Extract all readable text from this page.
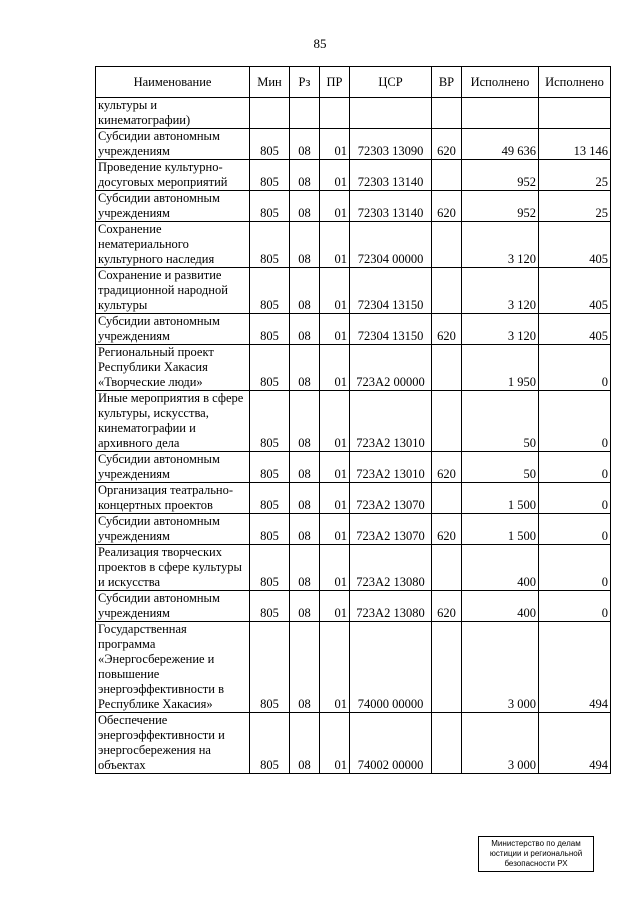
85
Наименование	Мин	Рз	ПР	ЦСР	ВР	Исполнено	Исполнено
культуры и кинематографии)							
Субсидии автономным учреждениям	805	08	01	72303 13090	620	49 636	13 146
Проведение культурно-досуговых мероприятий	805	08	01	72303 13140		952	25
Субсидии автономным учреждениям	805	08	01	72303 13140	620	952	25
Сохранение нематериального культурного наследия	805	08	01	72304 00000		3 120	405
Сохранение и развитие традиционной народной культуры	805	08	01	72304 13150		3 120	405
Субсидии автономным учреждениям	805	08	01	72304 13150	620	3 120	405
Региональный проект Республики Хакасия «Творческие люди»	805	08	01	723А2 00000		1 950	0
Иные мероприятия в сфере культуры, искусства, кинематографии и архивного дела	805	08	01	723А2 13010		50	0
Субсидии автономным учреждениям	805	08	01	723А2 13010	620	50	0
Организация театрально-концертных проектов	805	08	01	723А2 13070		1 500	0
Субсидии автономным учреждениям	805	08	01	723А2 13070	620	1 500	0
Реализация творческих проектов в сфере культуры и искусства	805	08	01	723А2 13080		400	0
Субсидии автономным учреждениям	805	08	01	723А2 13080	620	400	0
Государственная программа «Энергосбережение и повышение энергоэффективности в Республике Хакасия»	805	08	01	74000 00000		3 000	494
Обеспечение энергоэффективности и энергосбережения на объектах	805	08	01	74002 00000		3 000	494
Министерство по делам
юстиции и региональной
безопасности РХ
